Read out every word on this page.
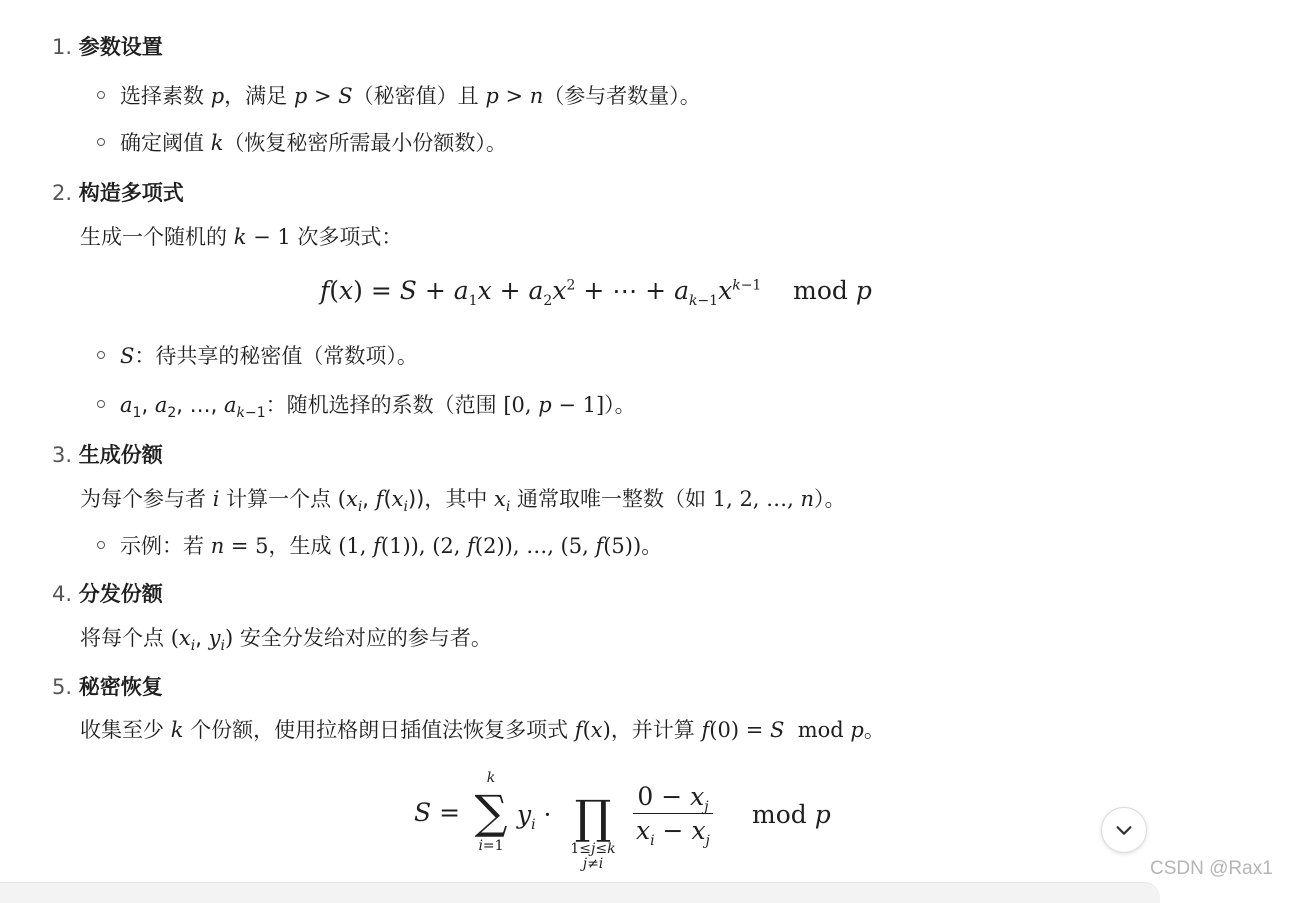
1. 参数设置
选择素数 p，满足 p > S（秘密值）且 p > n（参与者数量）。
确定阈值 k（恢复秘密所需最小份额数）。
2. 构造多项式
生成一个随机的 k − 1 次多项式：
$f(x) = S + a_1x + a_2x^2$ + ⋯ + $a_{k-1}x^{k-1}$    mod p
S：待共享的秘密值（常数项）。
$a_1$, $a_2$, …, $a_{k-1}$：随机选择的系数（范围 [0, p − 1]）。
3. 生成份额
为每个参与者 i 计算一个点 ($x_i$, $f(x_i)$)，其中 $x_i$ 通常取唯一整数（如 1, 2, …, n）。
示例：若 n = 5，生成 (1, f(1)), (2, f(2)), …, (5, f(5))。
4. 分发份额
将每个点 ($x_i$, $y_i$) 安全分发给对应的参与者。
5. 秘密恢复
收集至少 k 个份额，使用拉格朗日插值法恢复多项式 f(x)，并计算 f(0) = S mod p。
S =
k
∑
i=1
$y_i$ · ∏
1≤j≤k
j≠i
$\frac{0 - x_j}{x_i - x_j}$ mod p
CSDN @Rax1
